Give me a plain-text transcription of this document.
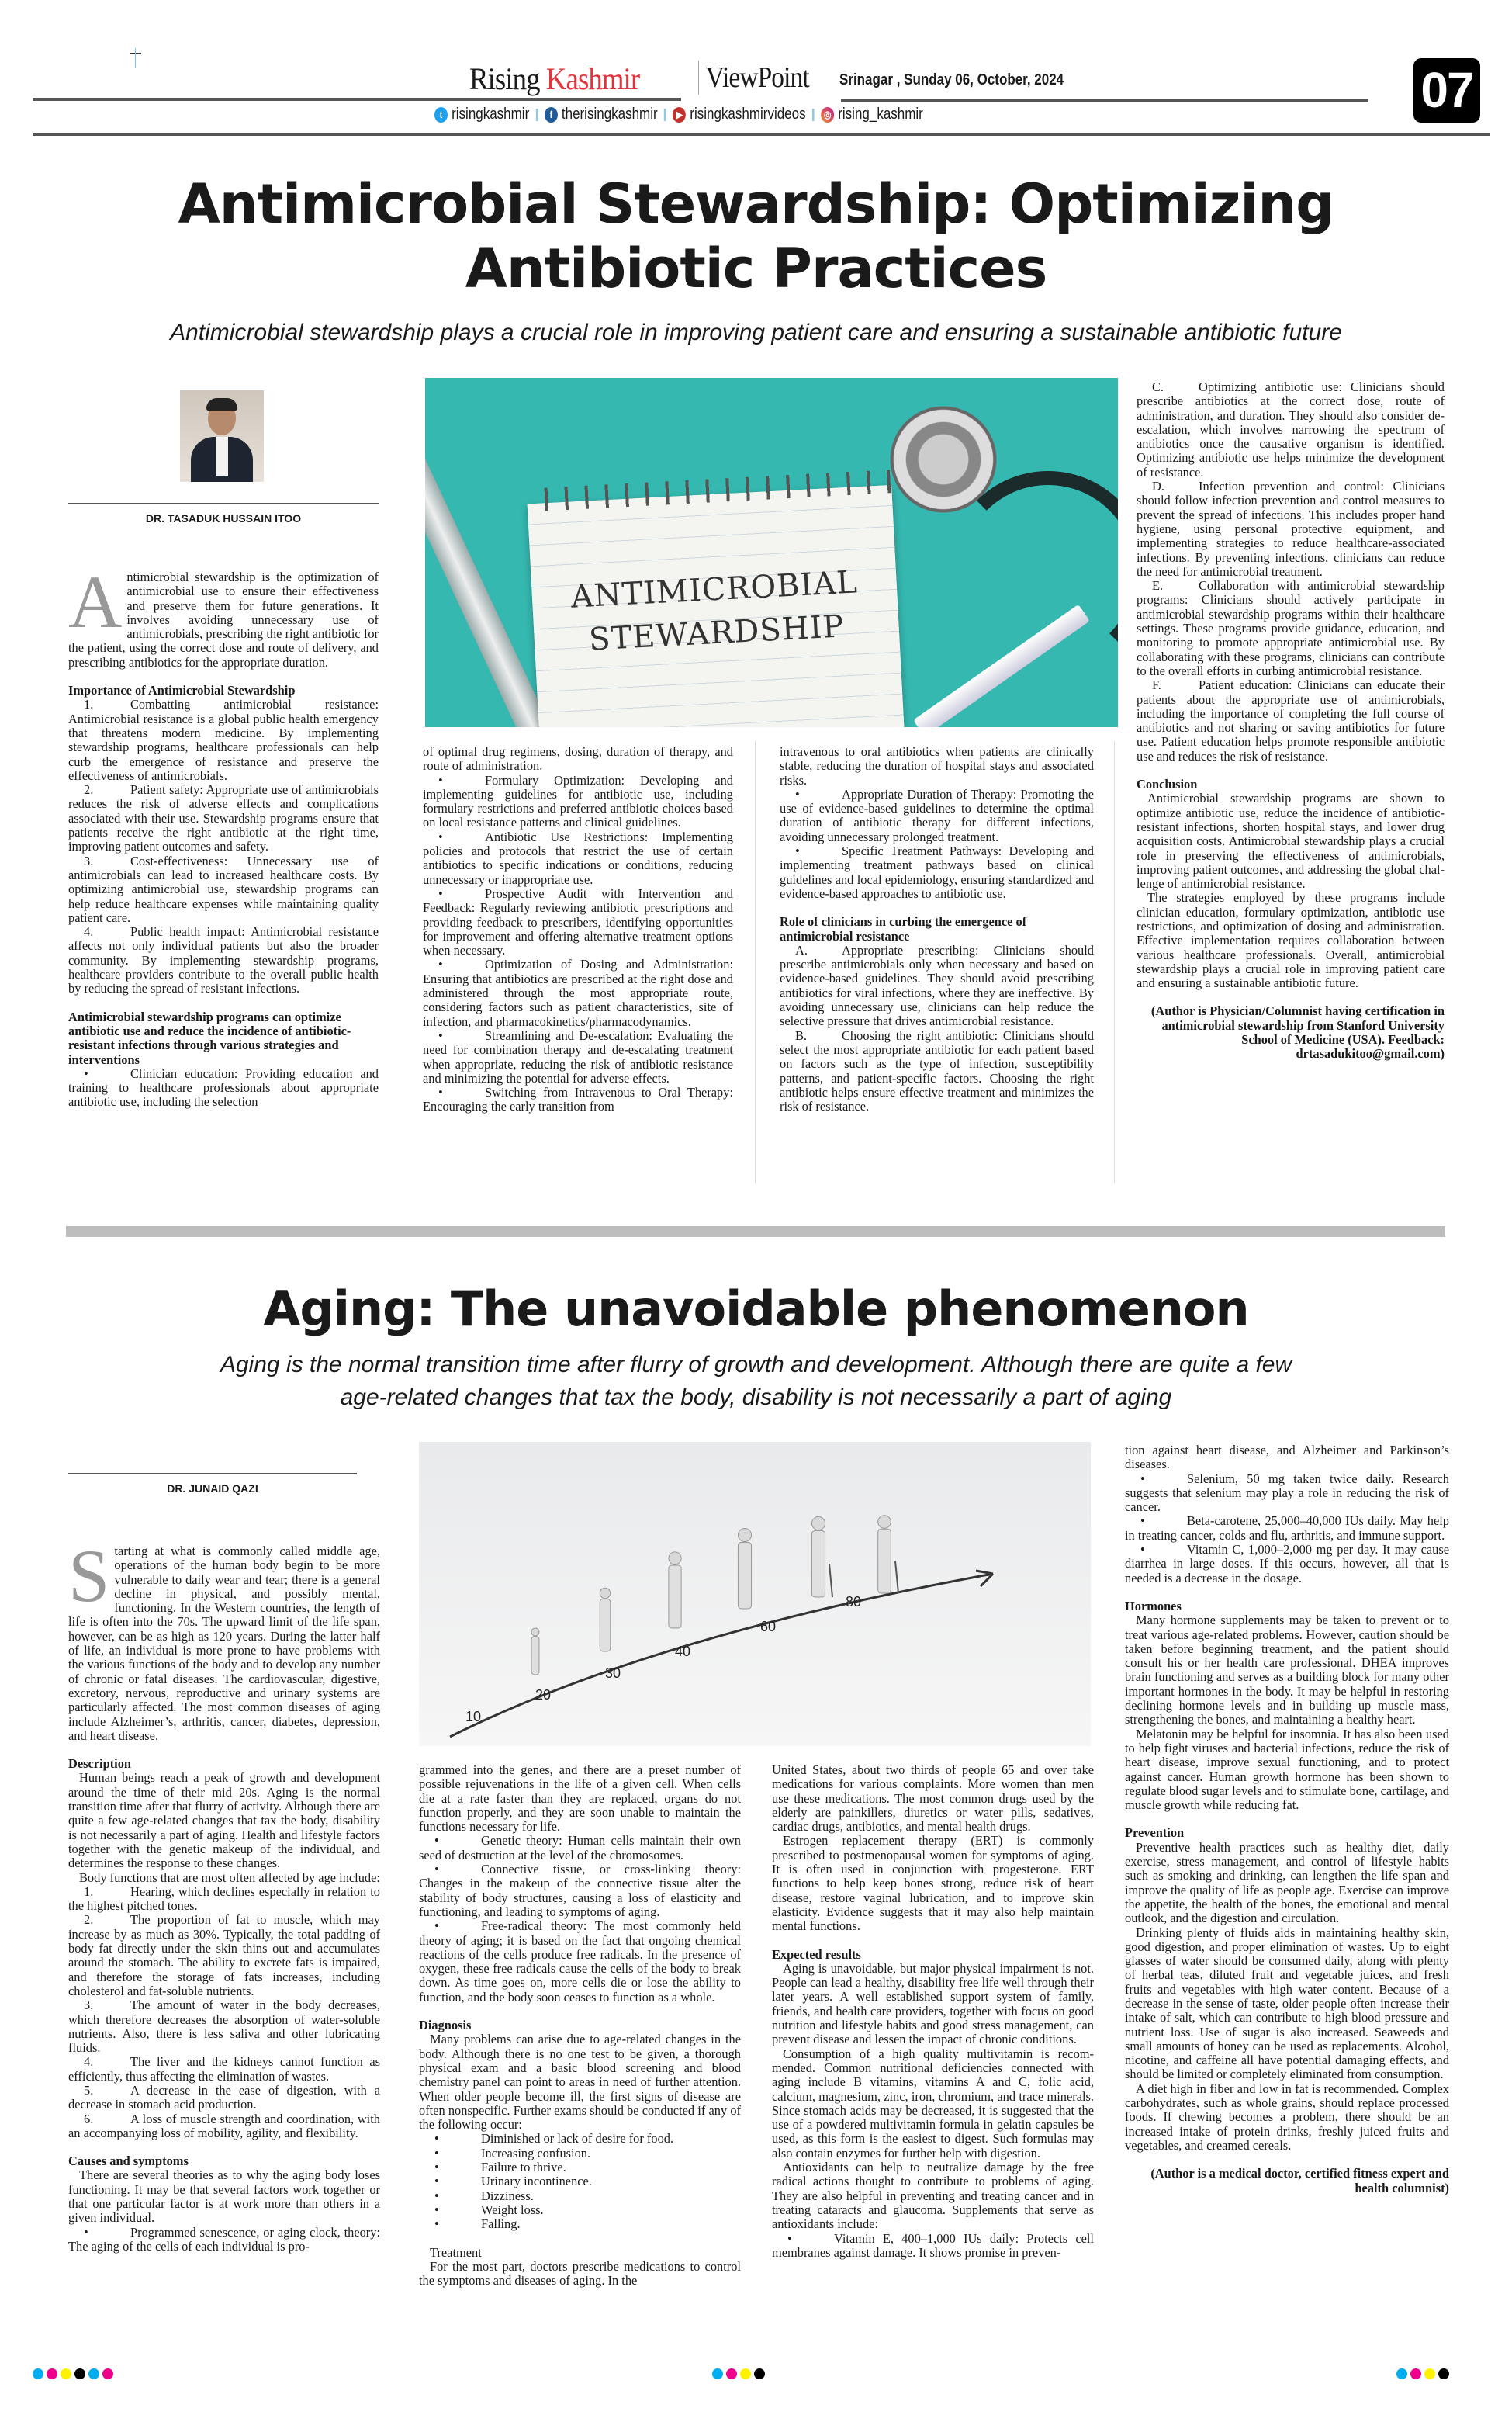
Rising Kashmir ViewPoint Srinagar , Sunday 06, October, 2024
t risingkashmir	f therisingkashmir	▶ risingkashmirvideos ◎ rising_kashmir	07
Antimicrobial Stewardship: Optimizing
Antibiotic Practices
Antimicrobial stewardship plays a crucial role in improving patient care and ensuring a sustainable antibiotic future
DR. TASADUK HUSSAIN ITOO
ANTIMICROBIAL
STEWARDSHIP

Antimicrobial stewardship is the optimization of antimicrobial use to ensure their effectiveness and preserve them for future generations. It involves avoiding unnecessary use of antimicrobials, prescribing the right antibiotic for the patient, using the correct dose and route of delivery, and prescribing antibiotics for the appropriate duration.

Importance of Antimicrobial Stewardship

1.	Combatting antimicrobial resistance: Antimicrobial resistance is a global public health emergency that threatens modern medicine. By implementing stewardship programs, healthcare professionals can help curb the emergence of resistance and preserve the effectiveness of antimicrobials.

2.	Patient safety: Appropriate use of antimicrobials reduces the risk of adverse effects and complications associated with their use. Stewardship programs ensure that patients receive the right antibiotic at the right time, improving patient outcomes and safety.

3.	Cost-effectiveness: Unnecessary use of antimicrobials can lead to increased healthcare costs. By optimizing antimicrobial use, stewardship programs can help reduce healthcare expenses while maintaining quality patient care.

4.	Public health impact: Antimicrobial resistance affects not only individual patients but also the broader community. By implementing stewardship programs, healthcare providers contribute to the overall public health by reducing the spread of resistant infections.

Antimicrobial stewardship programs can optimize antibiotic use and reduce the incidence of antibiotic-resistant infections through various strategies and interventions

•	Clinician education: Providing education and training to healthcare professionals about appropriate antibiotic use, including the selection

of optimal drug regimens, dosing, duration of therapy, and route of administration.

•	Formulary Optimization: Developing and implementing guidelines for antibiotic use, including formulary restrictions and preferred antibiotic choices based on local resistance patterns and clinical guidelines.

•	Antibiotic Use Restrictions: Implementing policies and protocols that restrict the use of certain antibiotics to specific indications or conditions, reducing unnecessary or inappropriate use.

•	Prospective Audit with Intervention and Feedback: Regularly reviewing antibiotic prescriptions and providing feedback to prescribers, identifying opportunities for improvement and offering alternative treatment options when necessary.

•	Optimization of Dosing and Administration: Ensuring that antibiotics are prescribed at the right dose and administered through the most appropriate route, considering factors such as patient characteristics, site of infection, and pharmacokinetics/pharmacodynamics.

•	Streamlining and De-escalation: Evaluating the need for combination therapy and de-escalating treatment when appropriate, reducing the risk of antibiotic resistance and minimizing the potential for adverse effects.

•	Switching from Intravenous to Oral Therapy: Encouraging the early transition from

intravenous to oral antibiotics when patients are clinically stable, reducing the duration of hospital stays and associated risks.

•	Appropriate Duration of Therapy: Promoting the use of evidence-based guidelines to determine the optimal duration of antibiotic therapy for different infections, avoiding unnecessary prolonged treatment.

•	Specific Treatment Pathways: Developing and implementing treatment pathways based on clinical guidelines and local epidemiology, ensuring standardized and evidence-based approaches to antibiotic use.

Role of clinicians in curbing the emergence of antimicrobial resistance

A.	Appropriate prescribing: Clinicians should prescribe antimicrobials only when necessary and based on evidence-based guidelines. They should avoid prescribing antibiotics for viral infections, where they are ineffective. By avoiding unnecessary use, clinicians can help reduce the selective pressure that drives antimicrobial resistance.

B.	Choosing the right antibiotic: Clinicians should select the most appropriate antibiotic for each patient based on factors such as the type of infection, susceptibility patterns, and patient-specific factors. Choosing the right antibiotic helps ensure effective treatment and minimizes the risk of resistance.

C.	Optimizing antibiotic use: Clinicians should prescribe antibiotics at the correct dose, route of administration, and duration. They should also consider de-escalation, which involves narrowing the spectrum of antibiotics once the causative organism is identified. Optimizing antibiotic use helps minimize the development of resistance.

D.	Infection prevention and control: Clinicians should follow infection prevention and control measures to prevent the spread of infections. This includes proper hand hygiene, using personal protective equipment, and implementing strategies to reduce healthcare-associated infections. By preventing infections, clinicians can reduce the need for antimicrobial treatment.

E.	Collaboration with antimicrobial stewardship programs: Clinicians should actively participate in antimicrobial stewardship programs within their healthcare settings. These programs provide guidance, education, and monitoring to promote appropriate antimicrobial use. By collaborating with these programs, clinicians can contribute to the overall efforts in curbing antimicrobial resistance.

F.	Patient education: Clinicians can educate their patients about the appropriate use of antimicrobials, including the importance of completing the full course of antibiotics and not sharing or saving antibiotics for future use. Patient education helps promote responsible antibiotic use and reduces the risk of resistance.

Conclusion

Antimicrobial stewardship programs are shown to optimize antibiotic use, reduce the incidence of antibiotic-resistant infections, shorten hospital stays, and lower drug acquisition costs. Antimicrobial stewardship plays a crucial role in preserving the effectiveness of antimicrobials, improving patient outcomes, and addressing the global challenge of antimicrobial resistance.

The strategies employed by these programs include clinician education, formulary optimization, antibiotic use restrictions, and optimization of dosing and administration. Effective implementation requires collaboration between various healthcare professionals. Overall, antimicrobial stewardship plays a crucial role in improving patient care and ensuring a sustainable antibiotic future.

(Author is Physician/Columnist having certification in antimicrobial stewardship from Stanford University School of Medicine (USA). Feedback: drtasadukitoo@gmail.com)

Aging: The unavoidable phenomenon
Aging is the normal transition time after flurry of growth and development. Although there are quite a few
age-related changes that tax the body, disability is not necessarily a part of aging
DR. JUNAID QAZI
10
20
30
40
60
80

Starting at what is commonly called middle age, operations of the human body begin to be more vulnerable to daily wear and tear; there is a general decline in physical, and possibly mental, functioning. In the Western countries, the length of life is often into the 70s. The upward limit of the life span, however, can be as high as 120 years. During the latter half of life, an individual is more prone to have problems with the various functions of the body and to develop any number of chronic or fatal diseases. The cardiovascular, digestive, excretory, nervous, reproductive and urinary systems are particularly affected. The most common diseases of aging include Alzheimer’s, arthritis, cancer, diabetes, depression, and heart disease.

Description

Human beings reach a peak of growth and development around the time of their mid 20s. Aging is the normal transition time after that flurry of activity. Although there are quite a few age-related changes that tax the body, disability is not necessarily a part of aging. Health and lifestyle factors together with the genetic makeup of the individual, and determines the response to these changes.

Body functions that are most often affected by age include:

1.	Hearing, which declines especially in relation to the highest pitched tones.

2.	The proportion of fat to muscle, which may increase by as much as 30%. Typically, the total padding of body fat directly under the skin thins out and accumulates around the stomach. The ability to excrete fats is impaired, and therefore the storage of fats increases, including cholesterol and fat-soluble nutrients.

3.	The amount of water in the body decreases, which therefore decreases the absorption of water-soluble nutrients. Also, there is less saliva and other lubricating fluids.

4.	The liver and the kidneys cannot function as efficiently, thus affecting the elimination of wastes.

5.	A decrease in the ease of digestion, with a decrease in stomach acid production.

6.	A loss of muscle strength and coordination, with an accompanying loss of mobility, agility, and flexibility.

Causes and symptoms

There are several theories as to why the aging body loses functioning. It may be that several factors work together or that one particular factor is at work more than others in a given individual.

•	Programmed senescence, or aging clock, theory: The aging of the cells of each individual is pro-

grammed into the genes, and there are a preset number of possible rejuvenations in the life of a given cell. When cells die at a rate faster than they are replaced, organs do not function properly, and they are soon unable to maintain the functions necessary for life.

•	Genetic theory: Human cells maintain their own seed of destruction at the level of the chromosomes.

•	Connective tissue, or cross-linking theory: Changes in the makeup of the connective tissue alter the stability of body structures, causing a loss of elasticity and functioning, and leading to symptoms of aging.

•	Free-radical theory: The most commonly held theory of aging; it is based on the fact that ongoing chemical reactions of the cells produce free radicals. In the presence of oxygen, these free radicals cause the cells of the body to break down. As time goes on, more cells die or lose the ability to function, and the body soon ceases to function as a whole.

Diagnosis

Many problems can arise due to age-related changes in the body. Although there is no one test to be given, a thorough physical exam and a basic blood screening and blood chemistry panel can point to areas in need of further attention. When older people become ill, the first signs of disease are often nonspecific. Further exams should be conducted if any of the following occur:

•	Diminished or lack of desire for food.

•	Increasing confusion.

•	Failure to thrive.

•	Urinary incontinence.

•	Dizziness.

•	Weight loss.

•	Falling.

Treatment

For the most part, doctors prescribe medications to control the symptoms and diseases of aging. In the

United States, about two thirds of people 65 and over take medications for various complaints. More women than men use these medications. The most common drugs used by the elderly are painkillers, diuretics or water pills, sedatives, cardiac drugs, antibiotics, and mental health drugs.

Estrogen replacement therapy (ERT) is commonly prescribed to postmenopausal women for symptoms of aging. It is often used in conjunction with progesterone. ERT functions to help keep bones strong, reduce risk of heart disease, restore vaginal lubrication, and to improve skin elasticity. Evidence suggests that it may also help maintain mental functions.

Expected results

Aging is unavoidable, but major physical impairment is not. People can lead a healthy, disability free life well through their later years. A well established support system of family, friends, and health care providers, together with focus on good nutrition and lifestyle habits and good stress management, can prevent disease and lessen the impact of chronic conditions.

Consumption of a high quality multivitamin is recommended. Common nutritional deficiencies connected with aging include B vitamins, vitamins A and C, folic acid, calcium, magnesium, zinc, iron, chromium, and trace minerals. Since stomach acids may be decreased, it is suggested that the use of a powdered multivitamin formula in gelatin capsules be used, as this form is the easiest to digest. Such formulas may also contain enzymes for further help with digestion.

Antioxidants can help to neutralize damage by the free radical actions thought to contribute to problems of aging. They are also helpful in preventing and treating cancer and in treating cataracts and glaucoma. Supplements that serve as antioxidants include:

•	Vitamin E, 400–1,000 IUs daily: Protects cell membranes against damage. It shows promise in preven-

tion against heart disease, and Alzheimer and Parkinson’s diseases.

•	Selenium, 50 mg taken twice daily. Research suggests that selenium may play a role in reducing the risk of cancer.

•	Beta-carotene, 25,000–40,000 IUs daily. May help in treating cancer, colds and flu, arthritis, and immune support.

•	Vitamin C, 1,000–2,000 mg per day. It may cause diarrhea in large doses. If this occurs, however, all that is needed is a decrease in the dosage.

Hormones

Many hormone supplements may be taken to prevent or to treat various age-related problems. However, caution should be taken before beginning treatment, and the patient should consult his or her health care professional. DHEA improves brain functioning and serves as a building block for many other important hormones in the body. It may be helpful in restoring declining hormone levels and in building up muscle mass, strengthening the bones, and maintaining a healthy heart.

Melatonin may be helpful for insomnia. It has also been used to help fight viruses and bacterial infections, reduce the risk of heart disease, improve sexual functioning, and to protect against cancer. Human growth hormone has been shown to regulate blood sugar levels and to stimulate bone, cartilage, and muscle growth while reducing fat.

Prevention

Preventive health practices such as healthy diet, daily exercise, stress management, and control of lifestyle habits such as smoking and drinking, can lengthen the life span and improve the quality of life as people age. Exercise can improve the appetite, the health of the bones, the emotional and mental outlook, and the digestion and circulation.

Drinking plenty of fluids aids in maintaining healthy skin, good digestion, and proper elimination of wastes. Up to eight glasses of water should be consumed daily, along with plenty of herbal teas, diluted fruit and vegetable juices, and fresh fruits and vegetables with high water content. Because of a decrease in the sense of taste, older people often increase their intake of salt, which can contribute to high blood pressure and nutrient loss. Use of sugar is also increased. Seaweeds and small amounts of honey can be used as replacements. Alcohol, nicotine, and caffeine all have potential damaging effects, and should be limited or completely eliminated from consumption.

A diet high in fiber and low in fat is recommended. Complex carbohydrates, such as whole grains, should replace processed foods. If chewing becomes a problem, there should be an increased intake of protein drinks, freshly juiced fruits and vegetables, and creamed cereals.

(Author is a medical doctor, certified fitness expert and health columnist)
